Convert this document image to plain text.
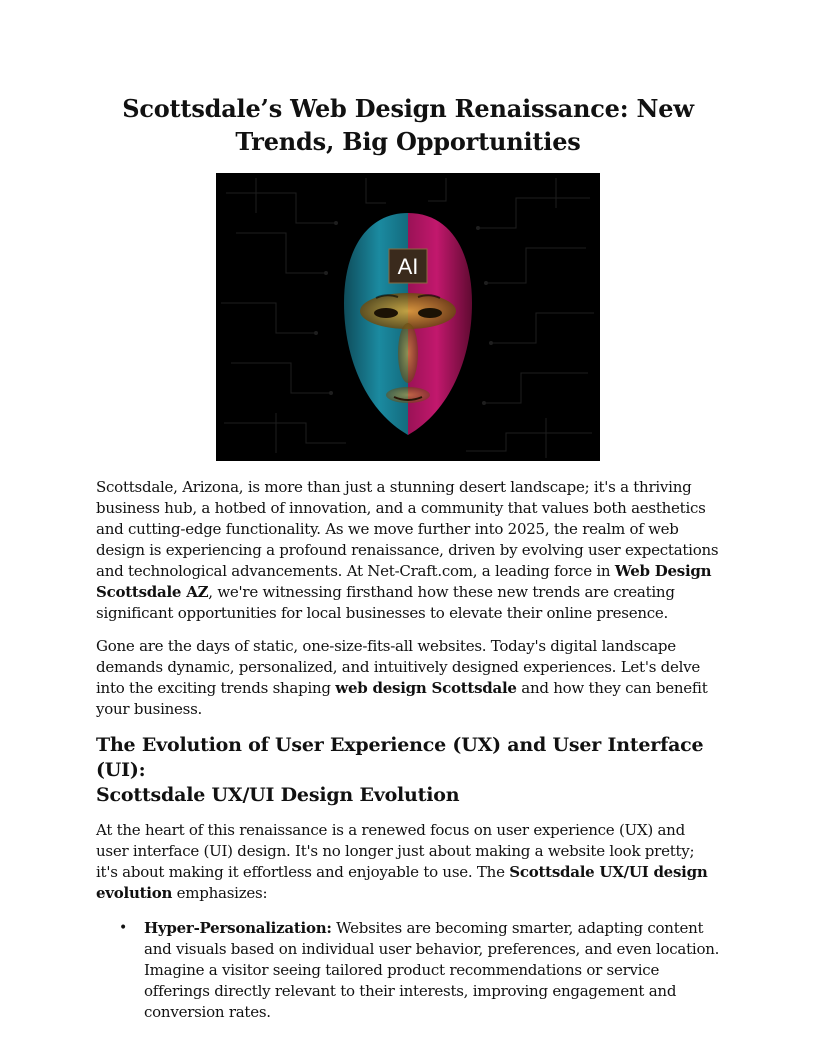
Scottsdale’s Web Design Renaissance: New
Trends, Big Opportunities
AI

Scottsdale, Arizona, is more than just a stunning desert landscape; it's a thriving business hub, a hotbed of innovation, and a community that values both aesthetics and cutting-edge functionality. As we move further into 2025, the realm of web design is experiencing a profound renaissance, driven by evolving user expectations and technological advancements. At Net-Craft.com, a leading force in Web Design Scottsdale AZ, we're witnessing firsthand how these new trends are creating significant opportunities for local businesses to elevate their online presence.

Gone are the days of static, one-size-fits-all websites. Today's digital landscape demands dynamic, personalized, and intuitively designed experiences. Let's delve into the exciting trends shaping web design Scottsdale and how they can benefit your business.

The Evolution of User Experience (UX) and User Interface (UI):
Scottsdale UX/UI Design Evolution

At the heart of this renaissance is a renewed focus on user experience (UX) and user interface (UI) design. It's no longer just about making a website look pretty; it's about making it effortless and enjoyable to use. The Scottsdale UX/UI design evolution emphasizes:

• Hyper-Personalization: Websites are becoming smarter, adapting content and visuals based on individual user behavior, preferences, and even location. Imagine a visitor seeing tailored product recommendations or service offerings directly relevant to their interests, improving engagement and conversion rates.
